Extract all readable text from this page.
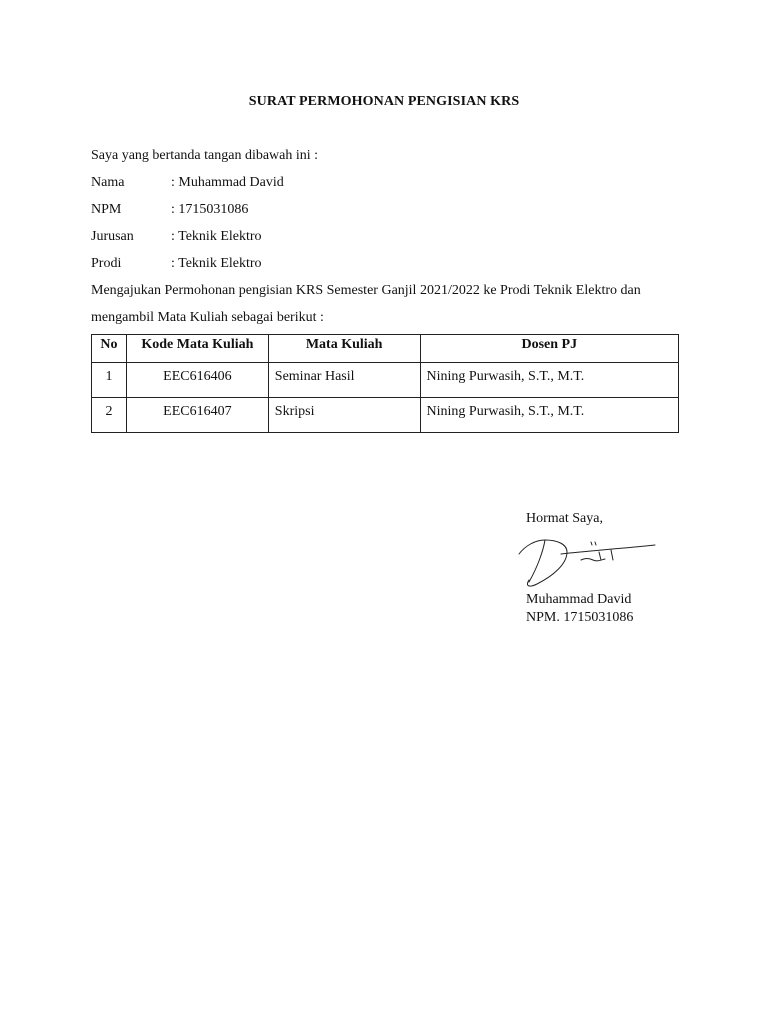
SURAT PERMOHONAN PENGISIAN KRS
Saya yang bertanda tangan dibawah ini :
Nama	: Muhammad David
NPM	: 1715031086
Jurusan	: Teknik Elektro
Prodi	: Teknik Elektro
Mengajukan Permohonan pengisian KRS Semester Ganjil 2021/2022 ke Prodi Teknik Elektro dan
mengambil Mata Kuliah sebagai berikut :
No	Kode Mata Kuliah	Mata Kuliah	Dosen PJ
1	EEC616406	Seminar Hasil	Nining Purwasih, S.T., M.T.
2	EEC616407	Skripsi	Nining Purwasih, S.T., M.T.
Hormat Saya,
Muhammad David
NPM. 1715031086
